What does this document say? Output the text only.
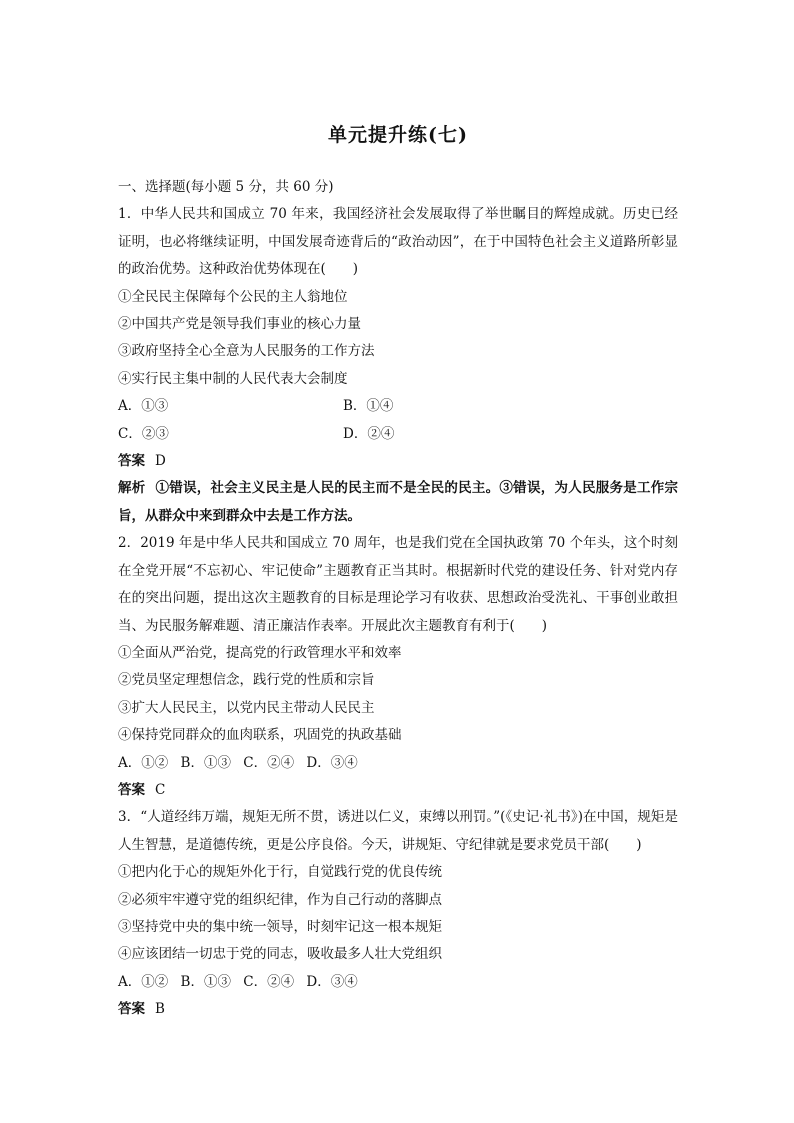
单元提升练(七)
一、选择题(每小题 5 分，共 60 分)
1．中华人民共和国成立 70 年来，我国经济社会发展取得了举世瞩目的辉煌成就。历史已经证明，也必将继续证明，中国发展奇迹背后的“政治动因”，在于中国特色社会主义道路所彰显的政治优势。这种政治优势体现在(　　)
①全民民主保障每个公民的主人翁地位
②中国共产党是领导我们事业的核心力量
③政府坚持全心全意为人民服务的工作方法
④实行民主集中制的人民代表大会制度
A．①③	B．①④
C．②③	D．②④
答案 D
解析 ①错误，社会主义民主是人民的民主而不是全民的民主。③错误，为人民服务是工作宗旨，从群众中来到群众中去是工作方法。
2．2019 年是中华人民共和国成立 70 周年，也是我们党在全国执政第 70 个年头，这个时刻在全党开展“不忘初心、牢记使命”主题教育正当其时。根据新时代党的建设任务、针对党内存在的突出问题，提出这次主题教育的目标是理论学习有收获、思想政治受洗礼、干事创业敢担当、为民服务解难题、清正廉洁作表率。开展此次主题教育有利于(　　)
①全面从严治党，提高党的行政管理水平和效率
②党员坚定理想信念，践行党的性质和宗旨
③扩大人民民主，以党内民主带动人民民主
④保持党同群众的血肉联系，巩固党的执政基础
A．①② B．①③ C．②④ D．③④
答案 C
3．“人道经纬万端，规矩无所不贯，诱进以仁义，束缚以刑罚。”(《史记·礼书》)在中国，规矩是人生智慧，是道德传统，更是公序良俗。今天，讲规矩、守纪律就是要求党员干部(　　)
①把内化于心的规矩外化于行，自觉践行党的优良传统
②必须牢牢遵守党的组织纪律，作为自己行动的落脚点
③坚持党中央的集中统一领导，时刻牢记这一根本规矩
④应该团结一切忠于党的同志，吸收最多人壮大党组织
A．①② B．①③ C．②④ D．③④
答案 B
